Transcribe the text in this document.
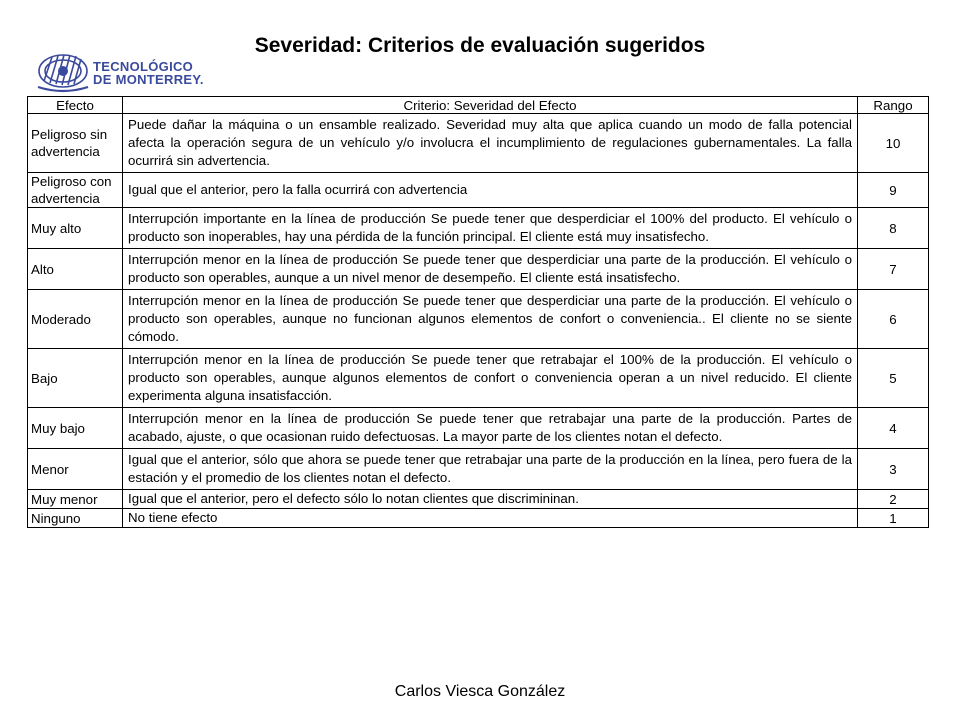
Severidad: Criterios de evaluación sugeridos
TECNOLÓGICO
DE MONTERREY.
Efecto	Criterio: Severidad del Efecto	Rango
Peligroso sin advertencia	Puede dañar la máquina o un ensamble realizado. Severidad muy alta que aplica cuando un modo de falla potencial afecta la operación segura de un vehículo y/o involucra el incumplimiento de regulaciones gubernamentales. La falla ocurrirá sin advertencia.	10
Peligroso con advertencia	Igual que el anterior, pero la falla ocurrirá con advertencia	9
Muy alto	Interrupción importante en la línea de producción Se puede tener que desperdiciar el 100% del producto. El vehículo o producto son inoperables, hay una pérdida de la función principal. El cliente está muy insatisfecho.	8
Alto	Interrupción menor en la línea de producción Se puede tener que desperdiciar una parte de la producción. El vehículo o producto son operables, aunque a un nivel menor de desempeño. El cliente está insatisfecho.	7
Moderado	Interrupción menor en la línea de producción Se puede tener que desperdiciar una parte de la producción. El vehículo o producto son operables, aunque no funcionan algunos elementos de confort o conveniencia.. El cliente no se siente cómodo.	6
Bajo	Interrupción menor en la línea de producción Se puede tener que retrabajar el 100% de la producción. El vehículo o producto son operables, aunque algunos elementos de confort o conveniencia operan a un nivel reducido. El cliente experimenta alguna insatisfacción.	5
Muy bajo	Interrupción menor en la línea de producción Se puede tener que retrabajar una parte de la producción. Partes de acabado, ajuste, o que ocasionan ruido defectuosas. La mayor parte de los clientes notan el defecto.	4
Menor	Igual que el anterior, sólo que ahora se puede tener que retrabajar una parte de la producción en la línea, pero fuera de la estación y el promedio de los clientes notan el defecto.	3
Muy menor	Igual que el anterior, pero el defecto sólo lo notan clientes que discrimininan.	2
Ninguno	No tiene efecto	1
Carlos Viesca González
